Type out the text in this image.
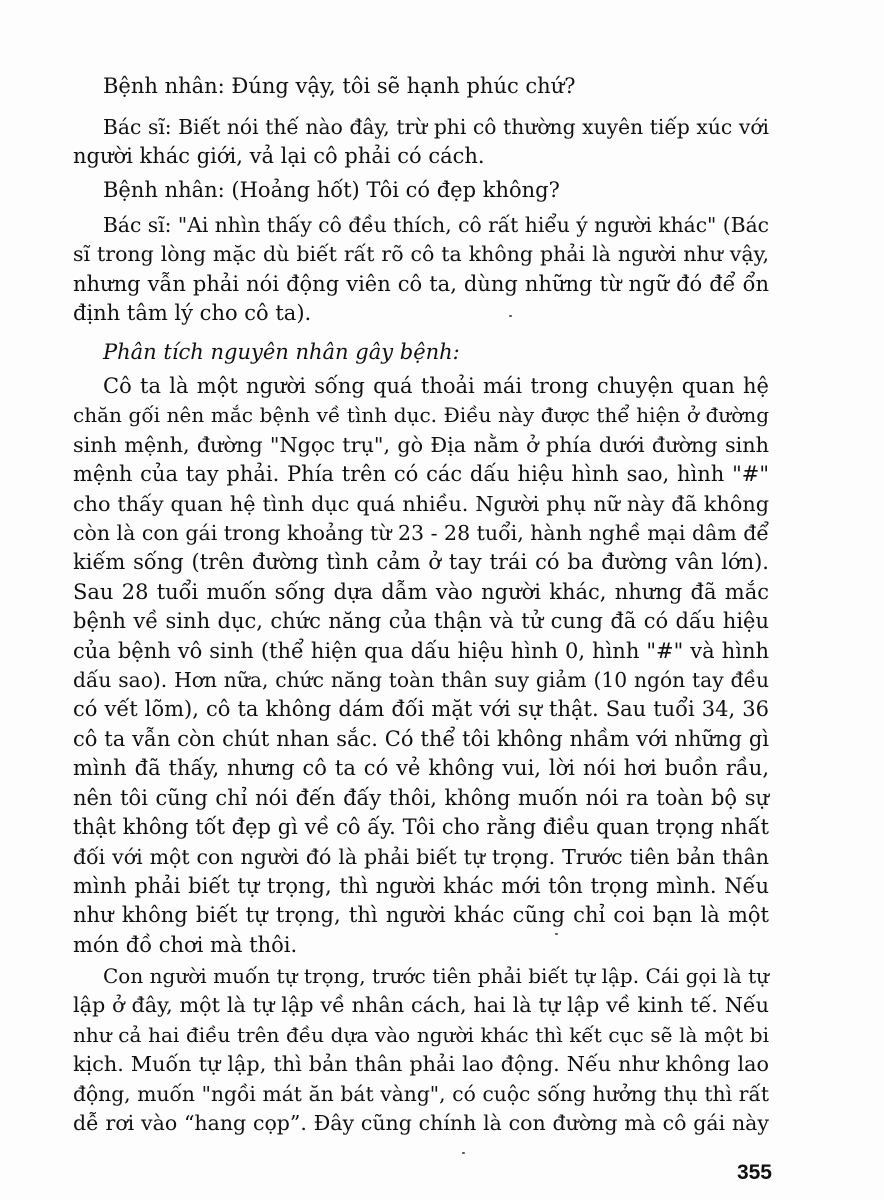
Bệnh nhân: Đúng vậy, tôi sẽ hạnh phúc chứ?
Bác sĩ: Biết nói thế nào đây, trừ phi cô thường xuyên tiếp xúc với
người khác giới, vả lại cô phải có cách.
Bệnh nhân: (Hoảng hốt) Tôi có đẹp không?
Bác sĩ: "Ai nhìn thấy cô đều thích, cô rất hiểu ý người khác" (Bác
sĩ trong lòng mặc dù biết rất rõ cô ta không phải là người như vậy,
nhưng vẫn phải nói động viên cô ta, dùng những từ ngữ đó để ổn
định tâm lý cho cô ta).
Phân tích nguyên nhân gây bệnh:
Cô ta là một người sống quá thoải mái trong chuyện quan hệ
chăn gối nên mắc bệnh về tình dục. Điều này được thể hiện ở đường
sinh mệnh, đường "Ngọc trụ", gò Địa nằm ở phía dưới đường sinh
mệnh của tay phải. Phía trên có các dấu hiệu hình sao, hình "#"
cho thấy quan hệ tình dục quá nhiều. Người phụ nữ này đã không
còn là con gái trong khoảng từ 23 - 28 tuổi, hành nghề mại dâm để
kiếm sống (trên đường tình cảm ở tay trái có ba đường vân lớn).
Sau 28 tuổi muốn sống dựa dẫm vào người khác, nhưng đã mắc
bệnh về sinh dục, chức năng của thận và tử cung đã có dấu hiệu
của bệnh vô sinh (thể hiện qua dấu hiệu hình 0, hình "#" và hình
dấu sao). Hơn nữa, chức năng toàn thân suy giảm (10 ngón tay đều
có vết lõm), cô ta không dám đối mặt với sự thật. Sau tuổi 34, 36
cô ta vẫn còn chút nhan sắc. Có thể tôi không nhầm với những gì
mình đã thấy, nhưng cô ta có vẻ không vui, lời nói hơi buồn rầu,
nên tôi cũng chỉ nói đến đấy thôi, không muốn nói ra toàn bộ sự
thật không tốt đẹp gì về cô ấy. Tôi cho rằng điều quan trọng nhất
đối với một con người đó là phải biết tự trọng. Trước tiên bản thân
mình phải biết tự trọng, thì người khác mới tôn trọng mình. Nếu
như không biết tự trọng, thì người khác cũng chỉ coi bạn là một
món đồ chơi mà thôi.
Con người muốn tự trọng, trước tiên phải biết tự lập. Cái gọi là tự
lập ở đây, một là tự lập về nhân cách, hai là tự lập về kinh tế. Nếu
như cả hai điều trên đều dựa vào người khác thì kết cục sẽ là một bi
kịch. Muốn tự lập, thì bản thân phải lao động. Nếu như không lao
động, muốn "ngồi mát ăn bát vàng", có cuộc sống hưởng thụ thì rất
dễ rơi vào “hang cọp”. Đây cũng chính là con đường mà cô gái này
355
